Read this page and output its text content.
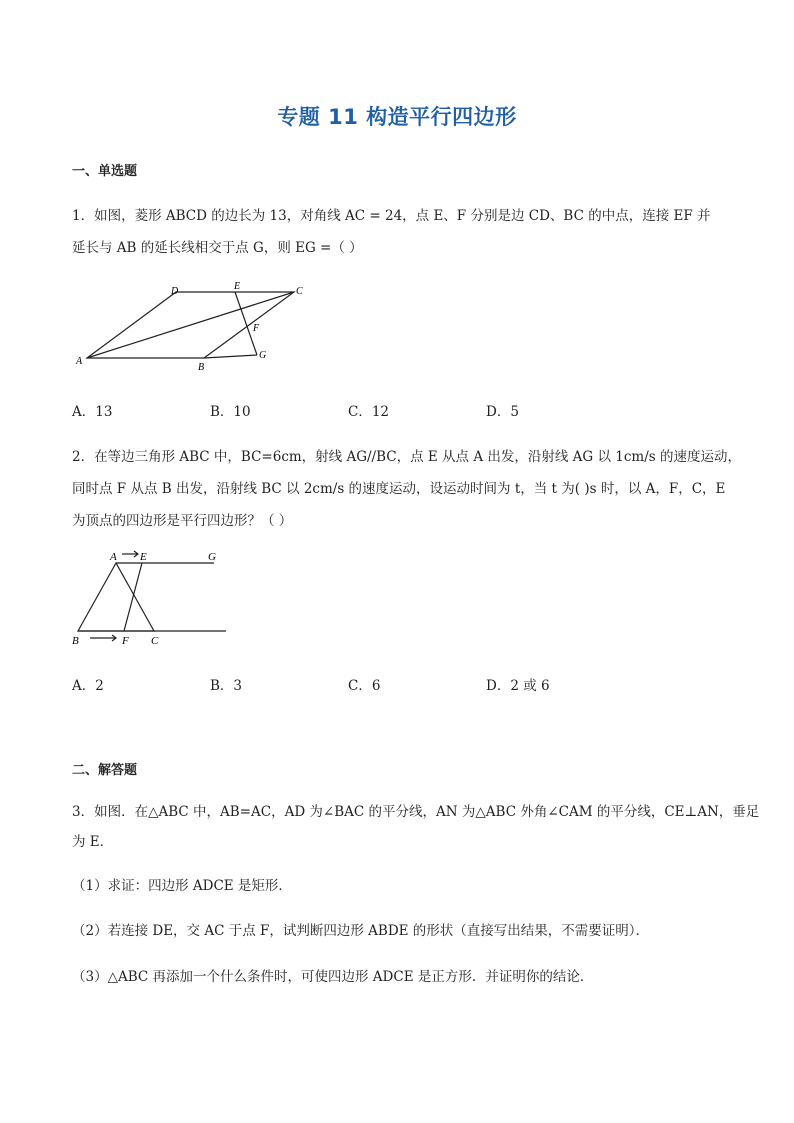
专题 11 构造平行四边形
一、单选题
1．如图，菱形 ABCD 的边长为 13，对角线 AC = 24，点 E、F 分别是边 CD、BC 的中点，连接 EF 并
延长与 AB 的延长线相交于点 G，则 EG =（ ）
A
B
C
D	E
F
G
A．13	B．10	C．12	D．5
2．在等边三角形 ABC 中，BC=6cm，射线 AG//BC，点 E 从点 A 出发，沿射线 AG 以 1cm/s 的速度运动，
同时点 F 从点 B 出发，沿射线 BC 以 2cm/s 的速度运动，设运动时间为 t，当 t 为( )s 时，以 A，F，C，E
为顶点的四边形是平行四边形？（ ）
A E	G
B	F C
A．2	B．3	C．6	D．2 或 6
二、解答题
3．如图．在△ABC 中，AB=AC，AD 为∠BAC 的平分线，AN 为△ABC 外角∠CAM 的平分线，CE⊥AN，垂足
为 E．
（1）求证：四边形 ADCE 是矩形．
（2）若连接 DE，交 AC 于点 F，试判断四边形 ABDE 的形状（直接写出结果，不需要证明）．
（3）△ABC 再添加一个什么条件时，可使四边形 ADCE 是正方形．并证明你的结论．
